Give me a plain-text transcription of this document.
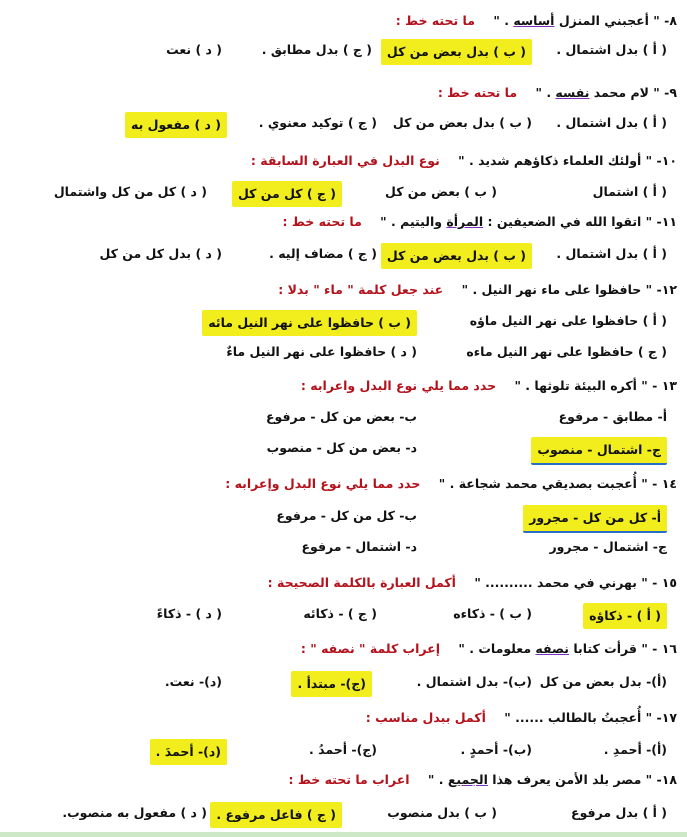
٨- " أعجبني المنزل أساسه . " ما تحته خط :
( أ ) بدل اشتمال .
( ب ) بدل بعض من كل
( ج ) بدل مطابق .
( د ) نعت
٩- " لام محمد نفسه . " ما تحته خط :
( أ ) بدل اشتمال .
( ب ) بدل بعض من كل
( ج ) توكيد معنوي .
( د ) مفعول به
١٠- " أولئك العلماء ذكاؤهم شديد . " نوع البدل في العبارة السابقة :
( أ ) اشتمال
( ب ) بعض من كل
( ج ) كل من كل
( د ) كل من كل واشتمال
١١- " اتقوا الله في الضعيفين : المرأة واليتيم . " ما تحته خط :
( أ ) بدل اشتمال .
( ب ) بدل بعض من كل
( ج ) مضاف إليه .
( د ) بدل كل من كل
١٢- " حافظوا على ماء نهر النيل . " عند جعل كلمة " ماء " بدلا :
( أ ) حافظوا على نهر النيل ماؤه
( ب ) حافظوا على نهر النيل مائه
( ج ) حافظوا على نهر النيل ماءه
( د ) حافظوا على نهر النيل ماءٌ
١٣ - " أكره البيئة تلوثها . " حدد مما يلي نوع البدل واعرابه :
أ- مطابق - مرفوع
ب- بعض من كل - مرفوع
ج- اشتمال - منصوب
د- بعض من كل - منصوب
١٤ - " أُعجبت بصديقي محمد شجاعة . " حدد مما يلي نوع البدل وإعرابه :
أ- كل من كل - مجرور
ب- كل من كل - مرفوع
ج- اشتمال - مجرور
د- اشتمال - مرفوع
١٥ - " بهرني في محمد .......... " أكمل العبارة بالكلمة الصحيحة :
( أ ) - ذكاؤه
( ب ) - ذكاءه
( ج ) - ذكائه
( د ) - ذكاءً
١٦ - " قرأت كتابا نصفه معلومات . " إعراب كلمة " نصفه " :
(أ)- بدل بعض من كل
(ب)- بدل اشتمال .
(ج)- مبتدأ .
(د)- نعت.
١٧- " أُعجبتُ بالطالب ...... " أكمل ببدل مناسب :
(أ)- أحمدِ .
(ب)- أحمدٍ .
(ج)- أحمدُ .
(د)- أحمدَ .
١٨- " مصر بلد الأمن يعرف هذا الجميع . " اعراب ما تحته خط :
( أ ) بدل مرفوع
( ب ) بدل منصوب
( ج ) فاعل مرفوع .
( د ) مفعول به منصوب.
